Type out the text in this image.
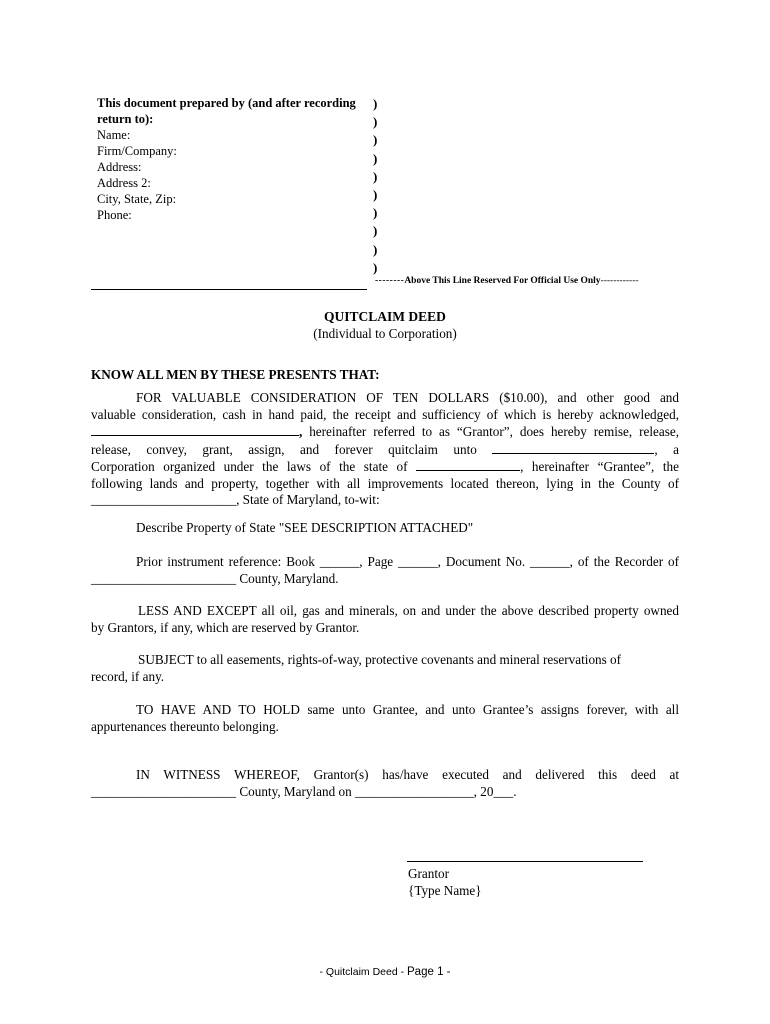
This document prepared by (and after recording
return to):
Name:
Firm/Company:
Address:
Address 2:
City, State, Zip:
Phone:
)
)
)
)
)
)
)
)
)
)
--------Above This Line Reserved For Official Use Only------------
QUITCLAIM DEED
(Individual to Corporation)
KNOW ALL MEN BY THESE PRESENTS THAT:
FOR VALUABLE CONSIDERATION OF TEN DOLLARS ($10.00), and other good and
valuable consideration, cash in hand paid, the receipt and sufficiency of which is hereby acknowledged,
, hereinafter referred to as “Grantor”, does hereby remise, release,
release, convey, grant, assign, and forever quitclaim unto	, a
Corporation organized under the laws of the state of	, hereinafter “Grantee”, the
following lands and property, together with all improvements located thereon, lying in the County of
______________________, State of Maryland, to-wit:
Describe Property of State "SEE DESCRIPTION ATTACHED"
Prior instrument reference: Book ______, Page ______, Document No. ______, of the Recorder of
______________________ County, Maryland.
LESS AND EXCEPT all oil, gas and minerals, on and under the above described property owned
by Grantors, if any, which are reserved by Grantor.
SUBJECT to all easements, rights-of-way, protective covenants and mineral reservations of
record, if any.
TO HAVE AND TO HOLD same unto Grantee, and unto Grantee’s assigns forever, with all
appurtenances thereunto belonging.
IN WITNESS WHEREOF, Grantor(s) has/have executed and delivered this deed at
______________________ County, Maryland on __________________, 20___.
Grantor
{Type Name}
- Quitclaim Deed - Page 1 -
